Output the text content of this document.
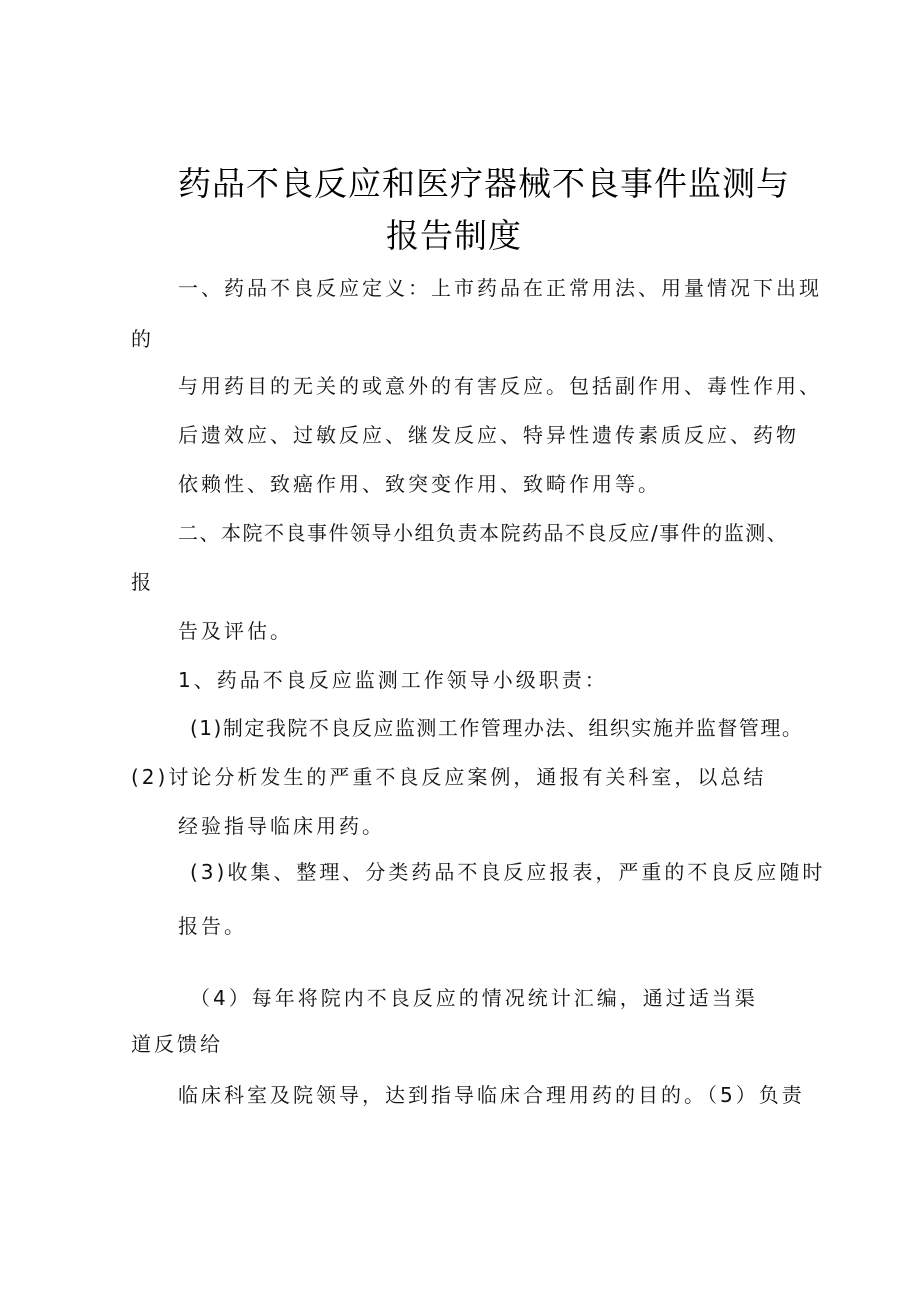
药品不良反应和医疗器械不良事件监测与
报告制度
一、药品不良反应定义：上市药品在正常用法、用量情况下出现
的
与用药目的无关的或意外的有害反应。包括副作用、毒性作用、
后遗效应、过敏反应、继发反应、特异性遗传素质反应、药物
依赖性、致癌作用、致突变作用、致畸作用等。
二、本院不良事件领导小组负责本院药品不良反应/事件的监测、
报
告及评估。
1、药品不良反应监测工作领导小级职责：
(1)制定我院不良反应监测工作管理办法、组织实施并监督管理。
(2)讨论分析发生的严重不良反应案例，通报有关科室，以总结
经验指导临床用药。
(3)收集、整理、分类药品不良反应报表，严重的不良反应随时
报告。
（4）每年将院内不良反应的情况统计汇编，通过适当渠
道反馈给
临床科室及院领导，达到指导临床合理用药的目的。（5）负责
